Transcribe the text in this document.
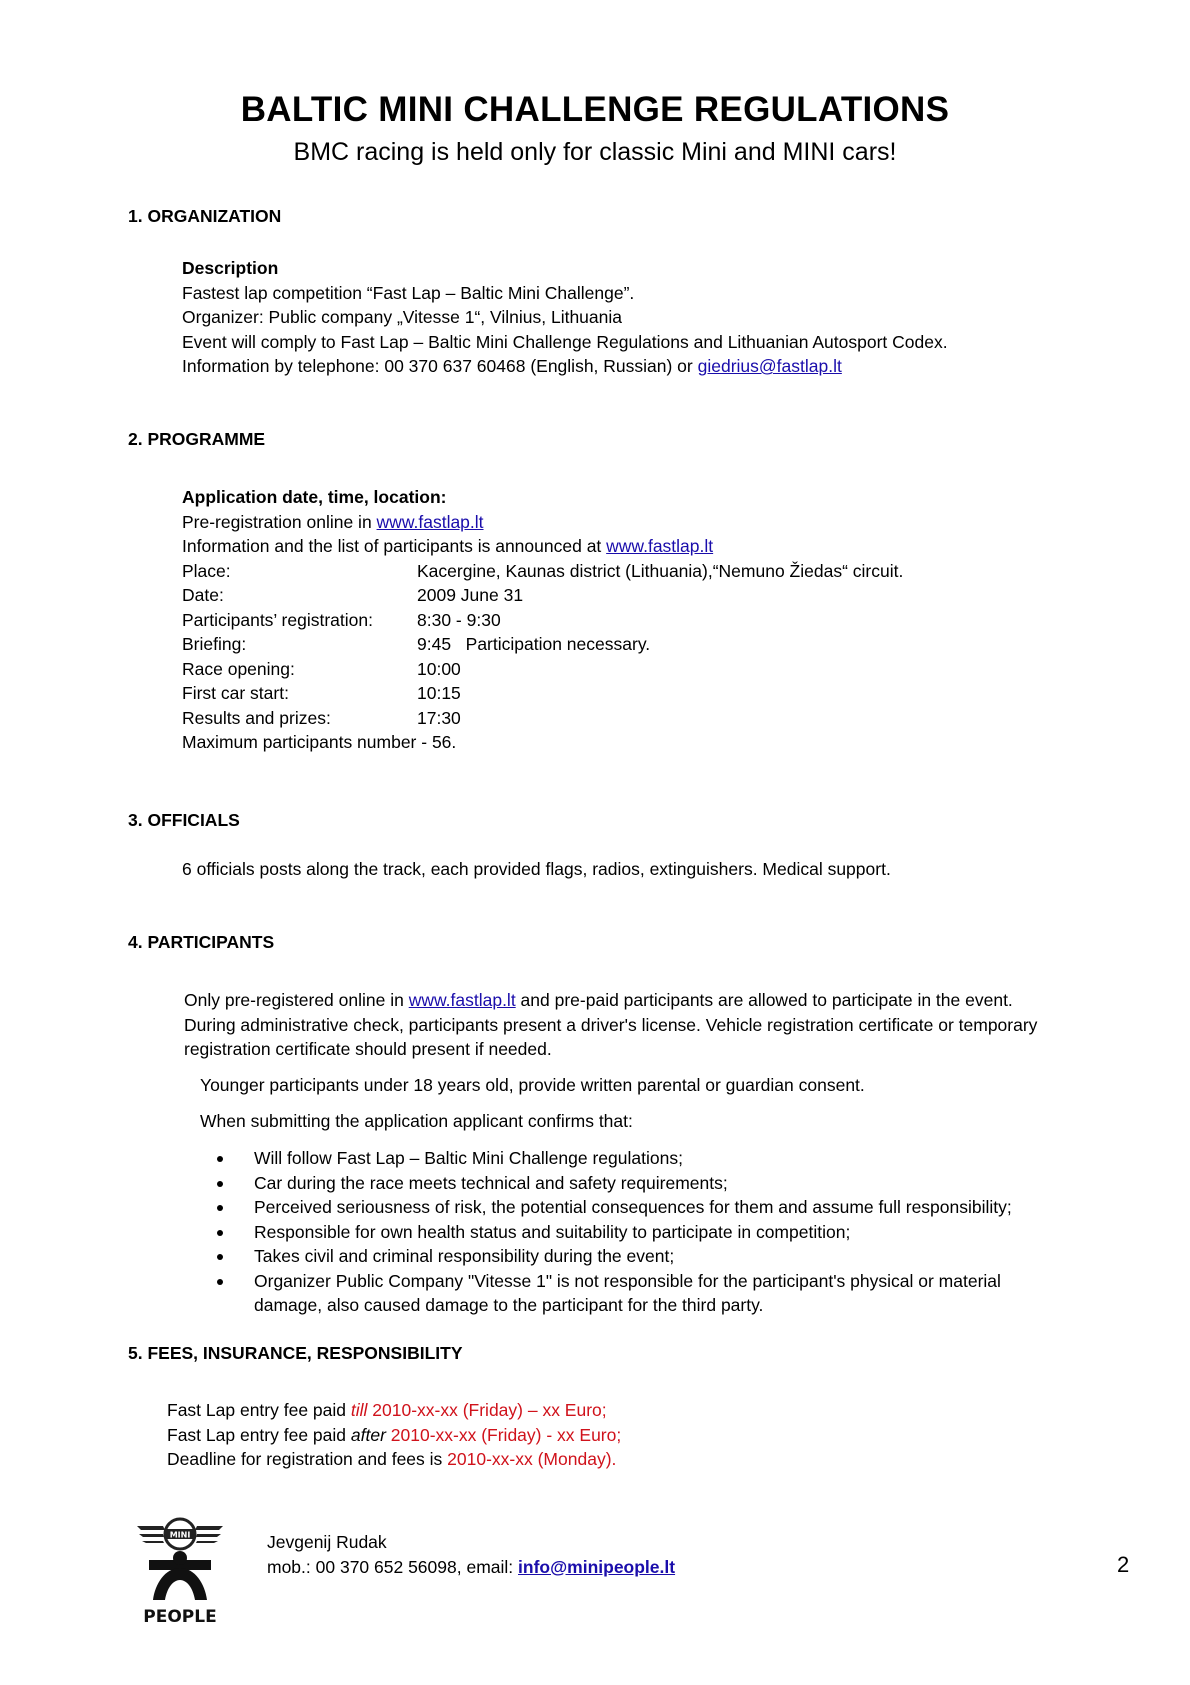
BALTIC MINI CHALLENGE REGULATIONS
BMC racing is held only for classic Mini and MINI cars!
1. ORGANIZATION
Description
Fastest lap competition “Fast Lap – Baltic Mini Challenge”.
Organizer: Public company „Vitesse 1“, Vilnius, Lithuania
Event will comply to Fast Lap – Baltic Mini Challenge Regulations and Lithuanian Autosport Codex.
Information by telephone: 00 370 637 60468 (English, Russian) or giedrius@fastlap.lt
2. PROGRAMME
Application date, time, location:
Pre-registration online in www.fastlap.lt
Information and the list of participants is announced at www.fastlap.lt
Place:	Kacergine, Kaunas district (Lithuania),“Nemuno Žiedas“ circuit.
Date:	2009 June 31
Participants’ registration:	8:30 - 9:30
Briefing:	9:45   Participation necessary.
Race opening:	10:00
First car start:	10:15
Results and prizes:	17:30
Maximum participants number - 56.
3. OFFICIALS
6 officials posts along the track, each provided flags, radios, extinguishers. Medical support.
4. PARTICIPANTS
Only pre-registered online in www.fastlap.lt and pre-paid participants are allowed to participate in the event.
During administrative check, participants present a driver's license. Vehicle registration certificate or temporary
registration certificate should present if needed.
Younger participants under 18 years old, provide written parental or guardian consent.
When submitting the application applicant confirms that:
Will follow Fast Lap – Baltic Mini Challenge regulations;
Car during the race meets technical and safety requirements;
Perceived seriousness of risk, the potential consequences for them and assume full responsibility;
Responsible for own health status and suitability to participate in competition;
Takes civil and criminal responsibility during the event;
Organizer Public Company "Vitesse 1" is not responsible for the participant's physical or material
damage, also caused damage to the participant for the third party.
5. FEES, INSURANCE, RESPONSIBILITY
Fast Lap entry fee paid till 2010-xx-xx (Friday) – xx Euro;
Fast Lap entry fee paid after 2010-xx-xx (Friday) - xx Euro;
Deadline for registration and fees is 2010-xx-xx (Monday).
MINI
PEOPLE
Jevgenij Rudak
mob.: 00 370 652 56098, email: info@minipeople.lt	2
